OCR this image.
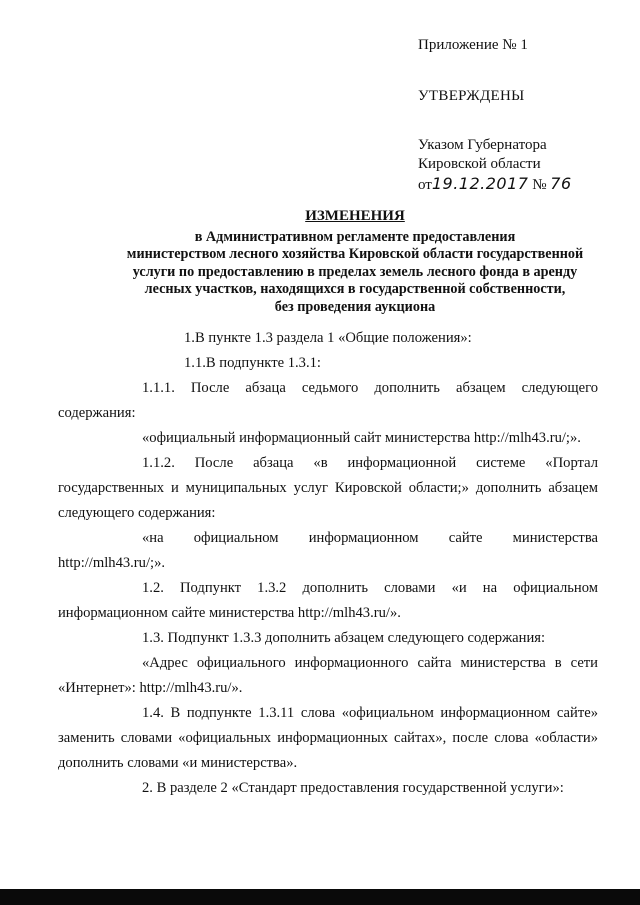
Приложение № 1

УТВЕРЖДЕНЫ

Указом Губернатора

Кировской области

от19.12.2017 № 76

ИЗМЕНЕНИЯ
в Административном регламенте предоставления
министерством лесного хозяйства Кировской области государственной
услуги по предоставлению в пределах земель лесного фонда в аренду
лесных участков, находящихся в государственной собственности,
без проведения аукциона

1.В пункте 1.3 раздела 1 «Общие положения»:

1.1.В подпункте 1.3.1:

1.1.1. После абзаца седьмого дополнить абзацем следующего содержания:

«официальный информационный сайт министерства http://mlh43.ru/;».

1.1.2. После абзаца «в информационной системе «Портал государственных и муниципальных услуг Кировской области;» дополнить абзацем следующего содержания:

«на официальном информационном сайте министерства http://mlh43.ru/;».

1.2. Подпункт 1.3.2 дополнить словами «и на официальном информационном сайте министерства http://mlh43.ru/».

1.3. Подпункт 1.3.3 дополнить абзацем следующего содержания:

«Адрес официального информационного сайта министерства в сети «Интернет»: http://mlh43.ru/».

1.4. В подпункте 1.3.11 слова «официальном информационном сайте» заменить словами «официальных информационных сайтах», после слова «области» дополнить словами «и министерства».

2. В разделе 2 «Стандарт предоставления государственной услуги»:
